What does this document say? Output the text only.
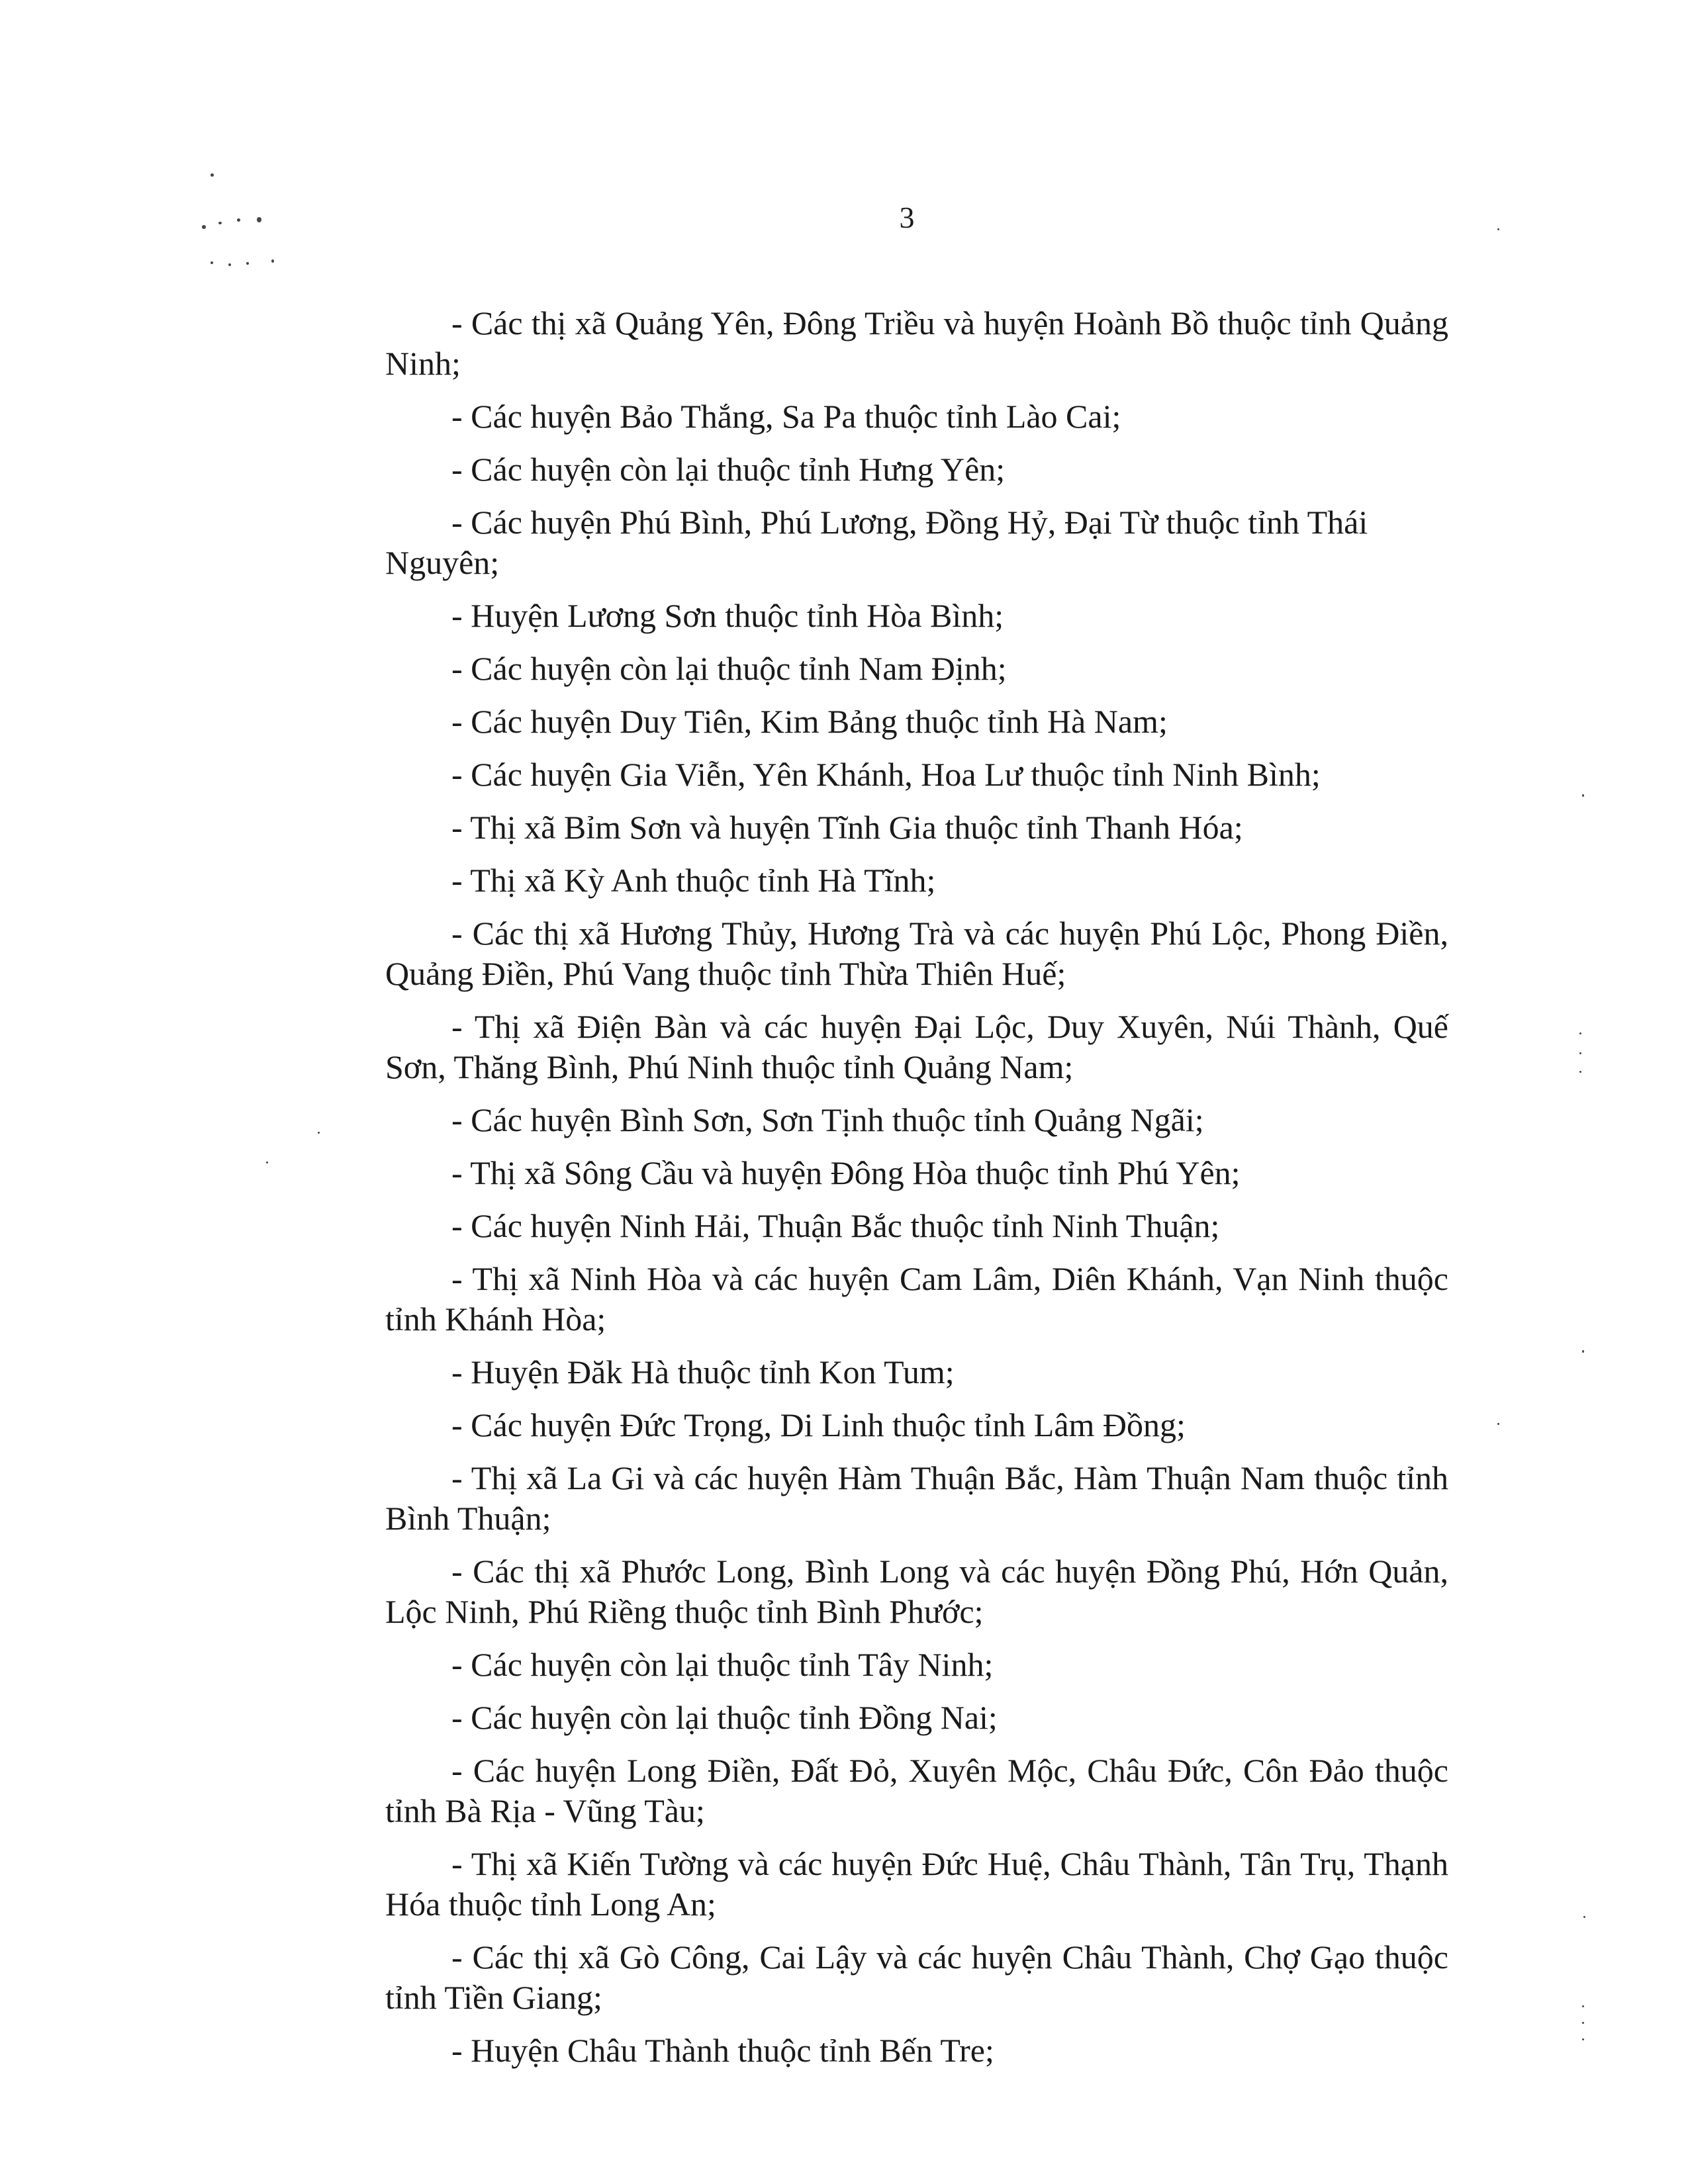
3

- Các thị xã Quảng Yên, Đông Triều và huyện Hoành Bồ thuộc tỉnh Quảng Ninh;

- Các huyện Bảo Thắng, Sa Pa thuộc tỉnh Lào Cai;

- Các huyện còn lại thuộc tỉnh Hưng Yên;

- Các huyện Phú Bình, Phú Lương, Đồng Hỷ, Đại Từ thuộc tỉnh Thái Nguyên;

- Huyện Lương Sơn thuộc tỉnh Hòa Bình;

- Các huyện còn lại thuộc tỉnh Nam Định;

- Các huyện Duy Tiên, Kim Bảng thuộc tỉnh Hà Nam;

- Các huyện Gia Viễn, Yên Khánh, Hoa Lư thuộc tỉnh Ninh Bình;

- Thị xã Bỉm Sơn và huyện Tĩnh Gia thuộc tỉnh Thanh Hóa;

- Thị xã Kỳ Anh thuộc tỉnh Hà Tĩnh;

- Các thị xã Hương Thủy, Hương Trà và các huyện Phú Lộc, Phong Điền, Quảng Điền, Phú Vang thuộc tỉnh Thừa Thiên Huế;

- Thị xã Điện Bàn và các huyện Đại Lộc, Duy Xuyên, Núi Thành, Quế Sơn, Thăng Bình, Phú Ninh thuộc tỉnh Quảng Nam;

- Các huyện Bình Sơn, Sơn Tịnh thuộc tỉnh Quảng Ngãi;

- Thị xã Sông Cầu và huyện Đông Hòa thuộc tỉnh Phú Yên;

- Các huyện Ninh Hải, Thuận Bắc thuộc tỉnh Ninh Thuận;

- Thị xã Ninh Hòa và các huyện Cam Lâm, Diên Khánh, Vạn Ninh thuộc tỉnh Khánh Hòa;

- Huyện Đăk Hà thuộc tỉnh Kon Tum;

- Các huyện Đức Trọng, Di Linh thuộc tỉnh Lâm Đồng;

- Thị xã La Gi và các huyện Hàm Thuận Bắc, Hàm Thuận Nam thuộc tỉnh Bình Thuận;

- Các thị xã Phước Long, Bình Long và các huyện Đồng Phú, Hớn Quản, Lộc Ninh, Phú Riềng thuộc tỉnh Bình Phước;

- Các huyện còn lại thuộc tỉnh Tây Ninh;

- Các huyện còn lại thuộc tỉnh Đồng Nai;

- Các huyện Long Điền, Đất Đỏ, Xuyên Mộc, Châu Đức, Côn Đảo thuộc tỉnh Bà Rịa - Vũng Tàu;

- Thị xã Kiến Tường và các huyện Đức Huệ, Châu Thành, Tân Trụ, Thạnh Hóa thuộc tỉnh Long An;

- Các thị xã Gò Công, Cai Lậy và các huyện Châu Thành, Chợ Gạo thuộc tỉnh Tiền Giang;

- Huyện Châu Thành thuộc tỉnh Bến Tre;
